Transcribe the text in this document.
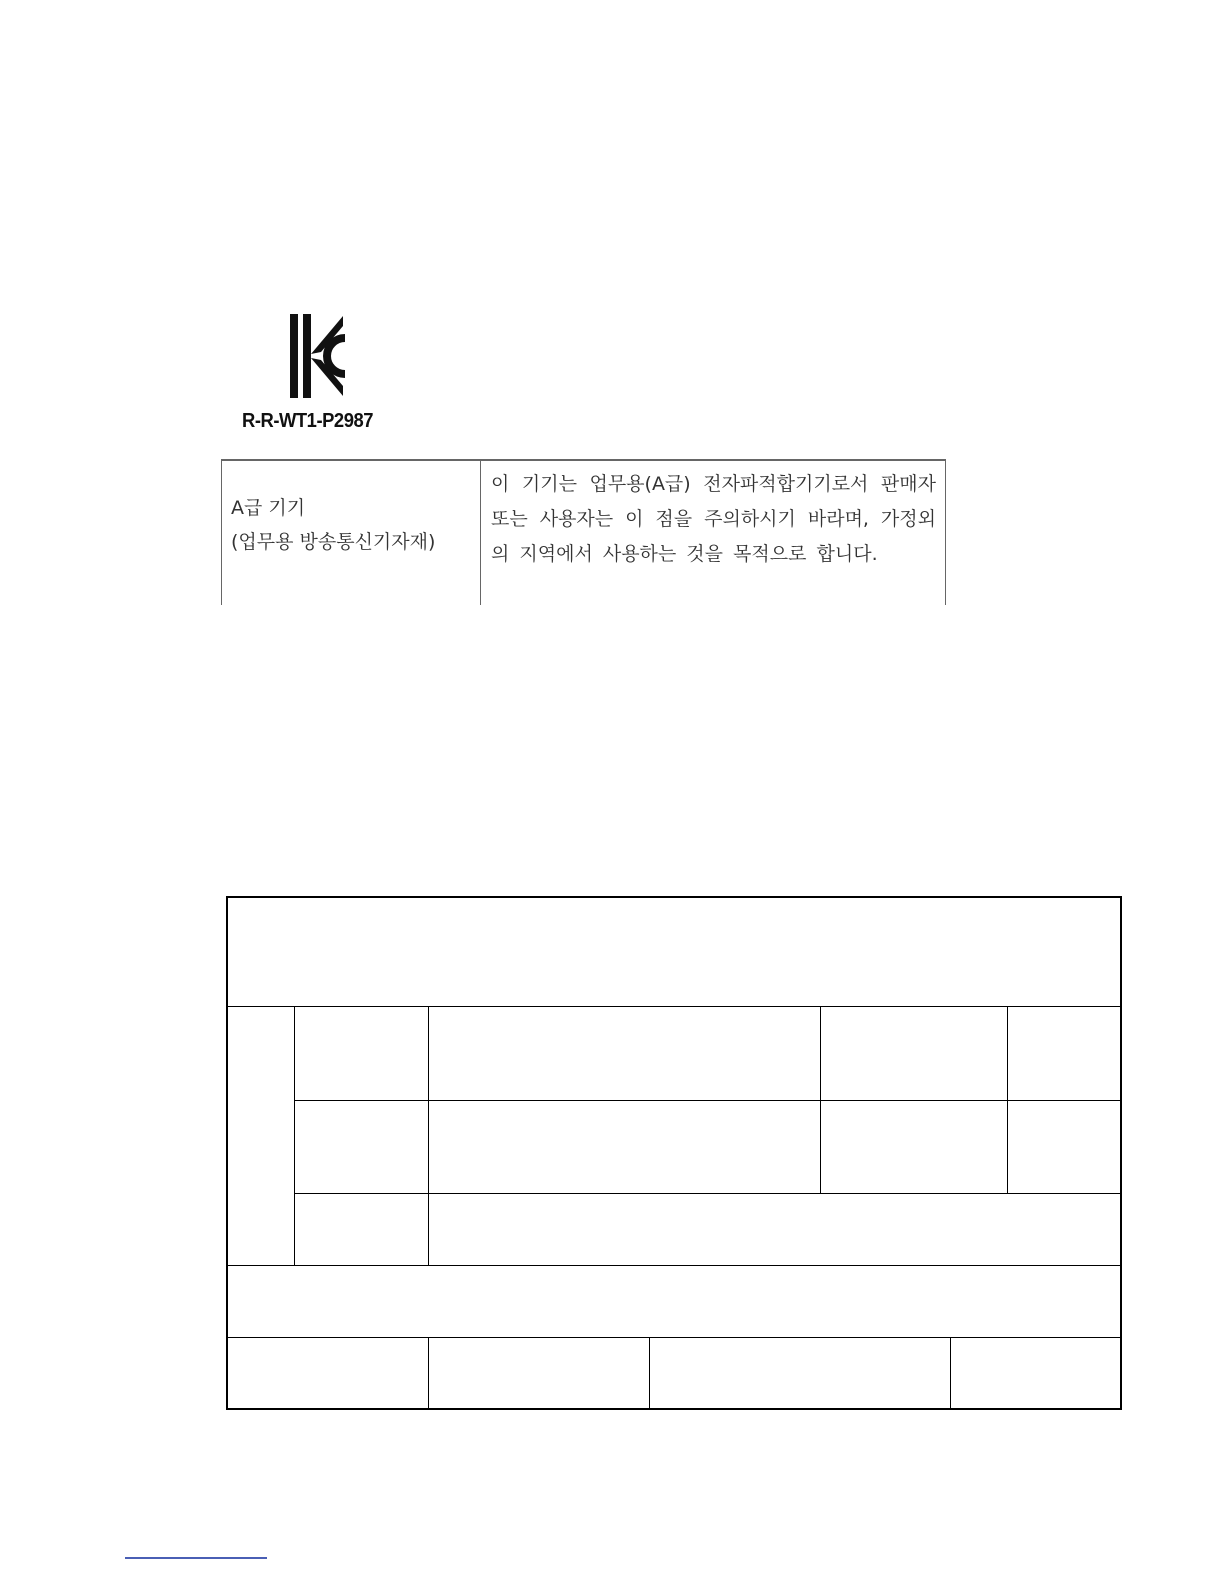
R-R-WT1-P2987
A급 기기
(업무용 방송통신기자재)
이 기기는 업무용(A급) 전자파적합기기로서 판매자 또는 사용자는 이 점을 주의하시기 바라며, 가정외의 지역에서 사용하는 것을 목적으로 합니다.
